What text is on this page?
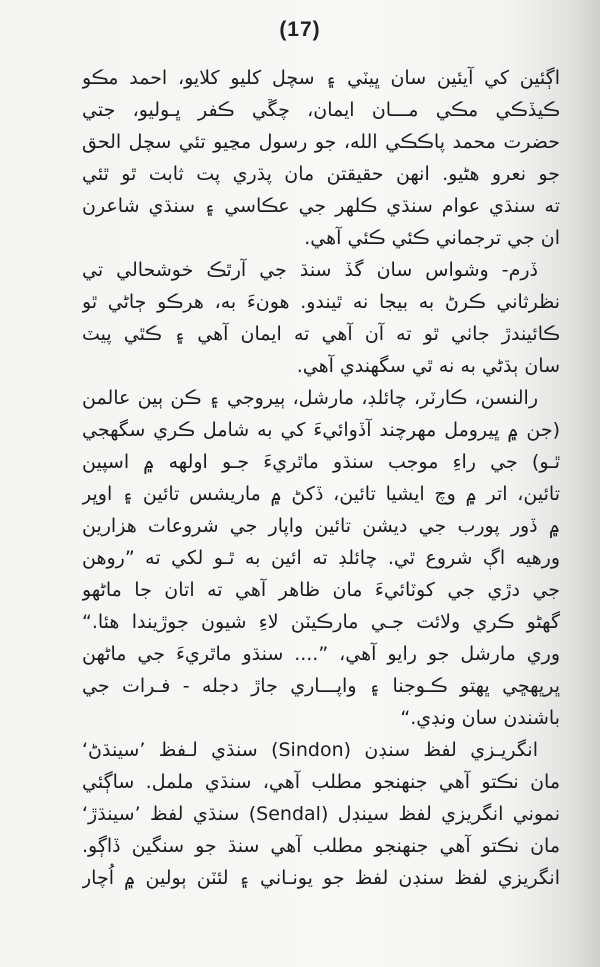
(17)
اڳئين کي آيئين سان ڀيٽي ۽ سچل کليو کلايو، احمد مڪو
ڪيڏڪي مڪي مـــان ايمان، چڱي ڪفر ڀـوليو، جتي
حضرت محمد پاڪڪي الله، جو رسول مڃيو تئي سچل الحق
جو نعرو هڻيو. انهن حقيقتن مان پڌري پت ثابت ٿو ٿئي
ته سنڌي عوام سنڌي ڪلهر جي عڪاسي ۽ سنڌي شاعرن
ان جي ترجماني ڪئي ڪئي آهي.
ڏرم- وشواس سان گڏ سنڌ جي آرٿڪ خوشحالي تي
نظرثاني ڪرڻ به بيجا نه ٿيندو. هونءَ به، هرڪو ڄاڻي ٿو
ڪائيندڙ جاٺي ٿو ته آن آهي ته ايمان آهي ۽ ڪٿي پيٽ
سان ٻڌڻي به نه ٿي سگهندي آهي.
رالنسن، ڪارٽر، چائلڊ، مارشل، ٻيروجي ۽ ڪن ٻين عالمن
(جن ۾ ڀيرومل مهرچند آڏوائيءَ کي به شامل ڪري سگهجي
ٿـو) جي راءِ موجب سنڌو ماٿريءَ جـو اولهه ۾ اسپين
تائين، اتر ۾ وچ ايشيا تائين، ڏکڻ ۾ ماريشس تائين ۽ اوڀر
۾ ڏور پورب جي ديشن تائين واپار جي شروعات هزارين
ورهيه اڳ شروع ٿي. چائلڊ ته ائين به ٿـو لکي ته ”روهن
جي دڙي جي کوٽائيءَ مان ظاهر آهي ته اتان جا ماڻهو
گهڻو ڪري ولائت جـي مارڪيٽن لاءِ شيون جوڙيندا هئا.“
وري مارشل جو رايو آهي، ”.... سنڌو ماٿريءَ جي ماڻهن
ڀرڀهڇي ڀهتو ڪـوجنا ۽ واپـــاري جاڙ دجله - فـرات جي
باشندن سان ونڊي.“
انگريـزي لفظ سنڊن (Sindon) سنڌي لـفظ ’سينڌڻ‘
مان نڪتو آهي جنهنجو مطلب آهي، سنڌي ململ. ساڳئي
نموني انگريزي لفظ سينڊل (Sendal) سنڌي لفظ ’سينڌڙ‘
مان نڪتو آهي جنهنجو مطلب آهي سنڌ جو سنگين ڏاڳو.
انگريزي لفظ سنڊن لفظ جو يونـاني ۽ لئٽن ٻولين ۾ اُچار
